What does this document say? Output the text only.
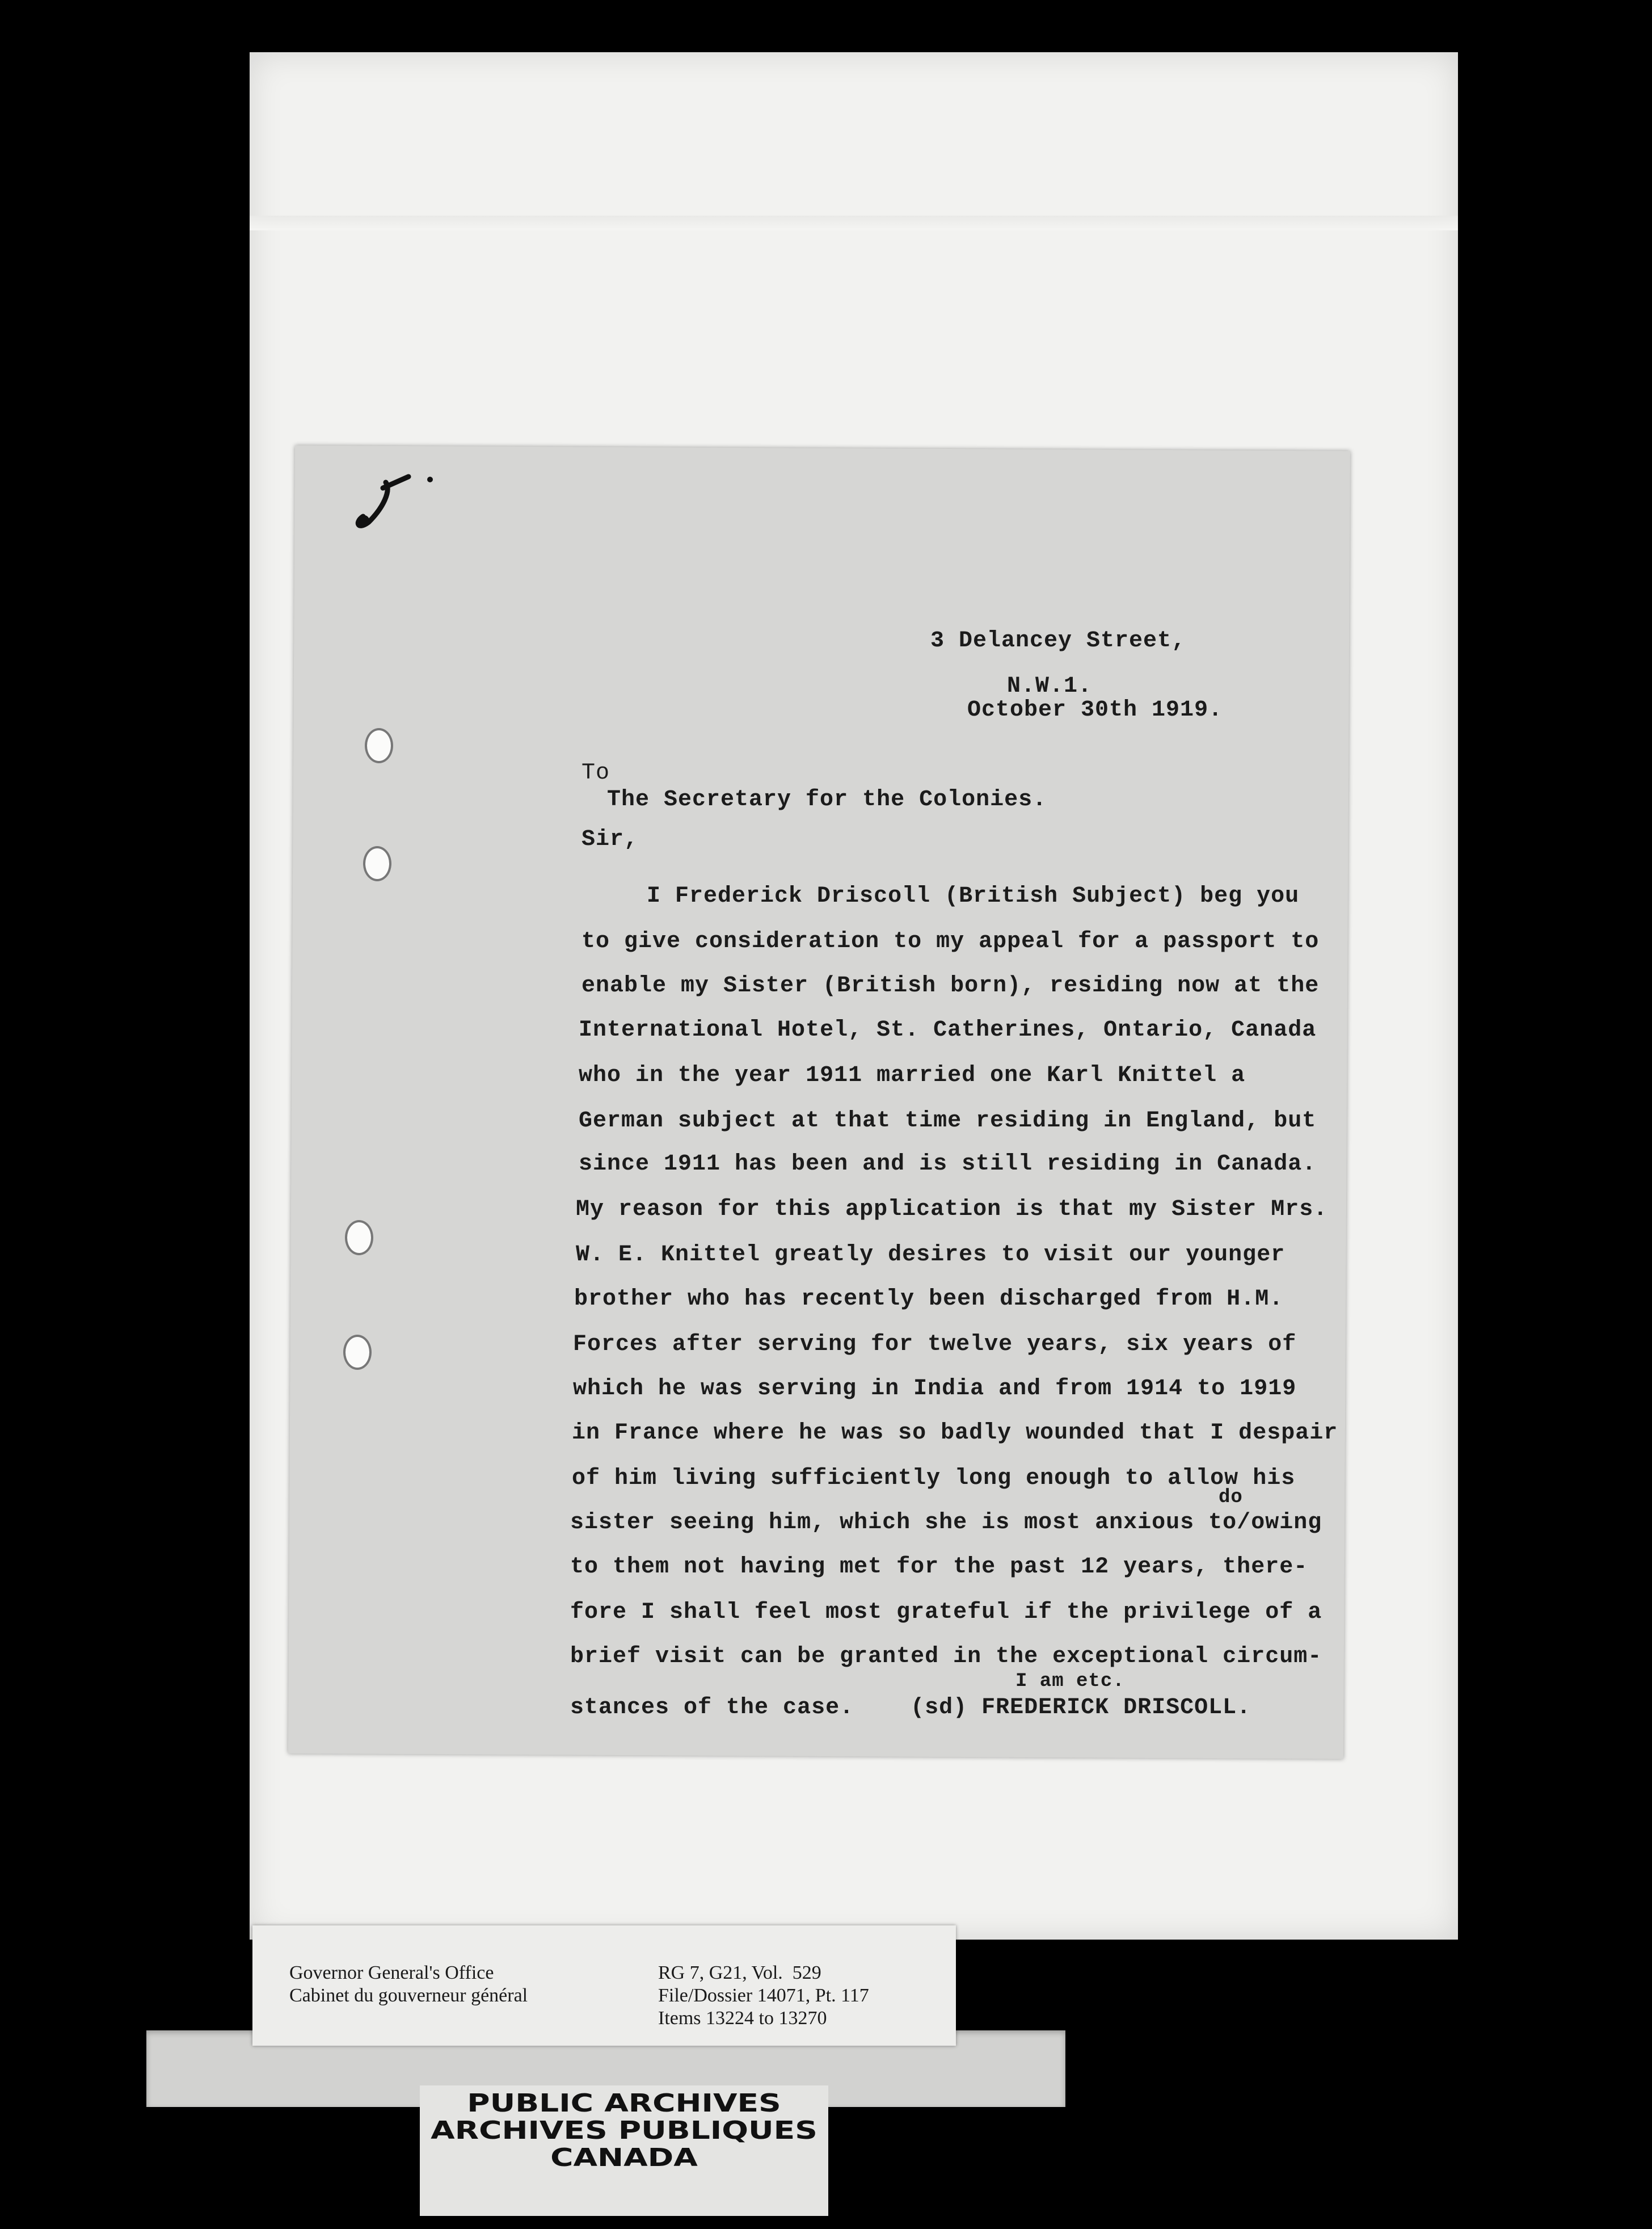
3 Delancey Street,
N.W.1.
October 30th 1919.
To
The Secretary for the Colonies.
Sir,
I Frederick Driscoll (British Subject) beg you
to give consideration to my appeal for a passport to
enable my Sister (British born), residing now at the
International Hotel, St. Catherines, Ontario, Canada
who in the year 1911 married one Karl Knittel a
German subject at that time residing in England, but
since 1911 has been and is still residing in Canada.
My reason for this application is that my Sister Mrs.
W. E. Knittel greatly desires to visit our younger
brother who has recently been discharged from H.M.
Forces after serving for twelve years, six years of
which he was serving in India and from 1914 to 1919
in France where he was so badly wounded that I despair
of him living sufficiently long enough to allow his
do
sister seeing him, which she is most anxious to/owing
to them not having met for the past 12 years, there-
fore I shall feel most grateful if the privilege of a
brief visit can be granted in the exceptional circum-
I am etc.
stances of the case.    (sd) FREDERICK DRISCOLL.
Governor General's Office
Cabinet du gouverneur général
RG 7, G21, Vol.  529
File/Dossier 14071, Pt. 117
Items 13224 to 13270
PUBLIC ARCHIVES
ARCHIVES PUBLIQUES
CANADA
